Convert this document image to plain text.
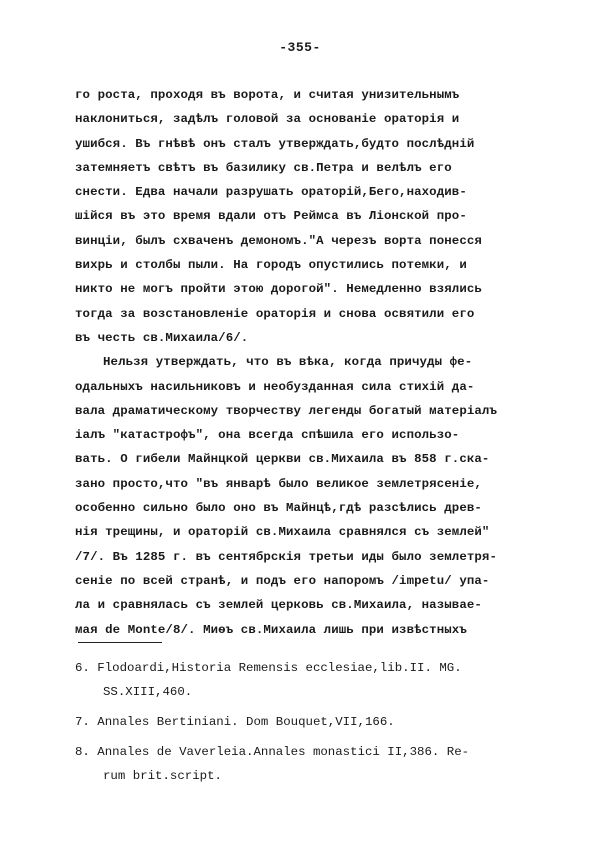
-355-
го роста, проходя въ ворота, и считая унизительнымъ
наклониться, задѣлъ головой за основаніе ораторія и
ушибся. Въ гнѣвѣ онъ сталъ утверждать,будто послѣдній
затемняетъ свѣтъ въ базилику св.Петра и велѣлъ его
снести. Едва начали разрушать ораторій,Бего,находив-
шійся въ это время вдали отъ Реймса въ Ліонской про-
винціи, былъ схваченъ демономъ."А черезъ ворта понесся
вихрь и столбы пыли. На городъ опустились потемки, и
никто не могъ пройти этою дорогой". Немедленно взялись
тогда за возстановленіе ораторія и снова освятили его
въ честь св.Михаила/6/.
Нельзя утверждать, что въ вѣка, когда причуды фе-
одальныхъ насильниковъ и необузданная сила стихій да-
вала драматическому творчеству легенды богатый матеріалъ
іалъ "катастрофъ", она всегда спѣшила его использо-
вать. О гибели Майнцкой церкви св.Михаила въ 858 г.ска-
зано просто,что "въ январѣ было великое землетрясеніе,
особенно сильно было оно въ Майнцѣ,гдѣ разсѣлись древ-
нія трещины, и ораторій св.Михаила сравнялся съ землей"
/7/. Въ 1285 г. въ сентябрскія третьи иды было землетря-
сеніе по всей странѣ, и подъ его напоромъ /impetu/ упа-
ла и сравнялась съ землей церковь св.Михаила, называе-
мая de Monte/8/. Миѳъ св.Михаила лишь при извѣстныхъ
6. Flodoardi,Historia Remensis ecclesiae,lib.II. MG.
SS.XIII,460.
7. Annales Bertiniani. Dom Bouquet,VII,166.
8. Annales de Vaverleia.Annales monastici II,386. Re-
rum brit.script.
